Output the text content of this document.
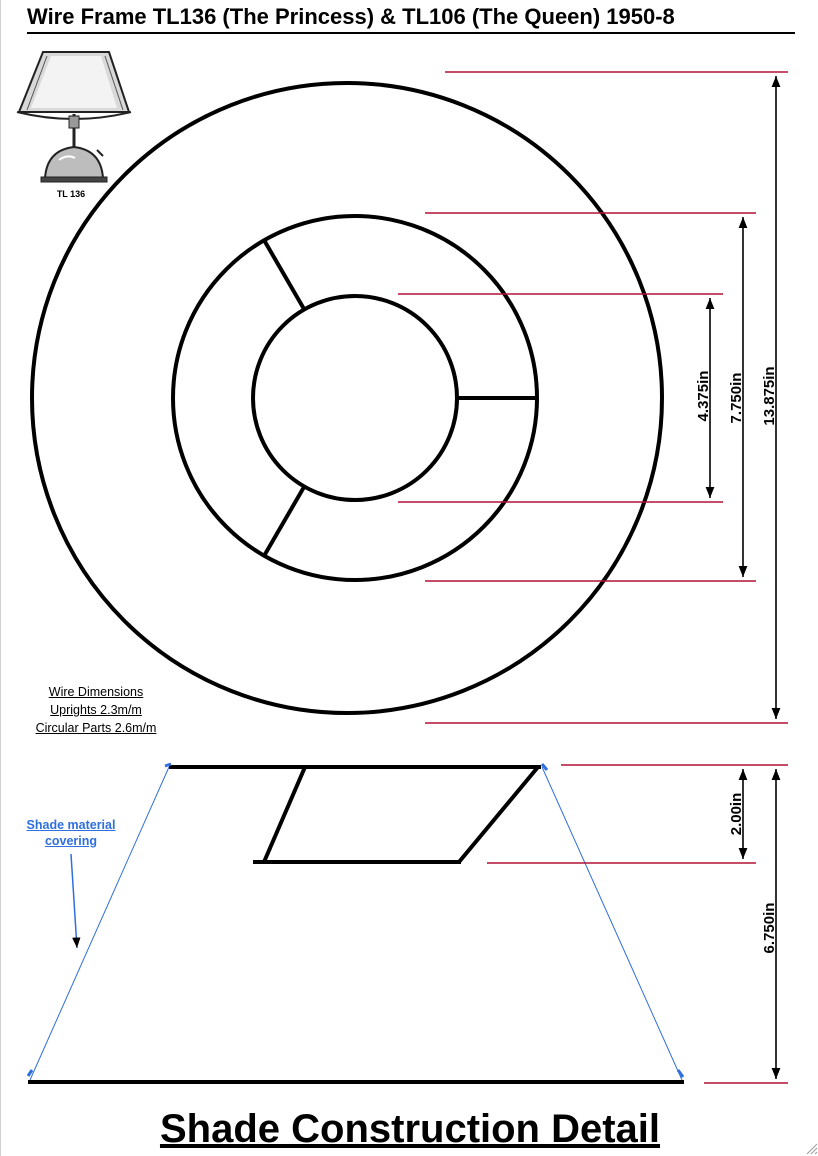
Wire Frame TL136 (The Princess) & TL106 (The Queen) 1950-8
4.375in 7.750in 13.875in
2.00in
6.750in
TL 136
Wire Dimensions
Uprights 2.3m/m
Circular Parts 2.6m/m
Shade material
covering
Shade Construction Detail
